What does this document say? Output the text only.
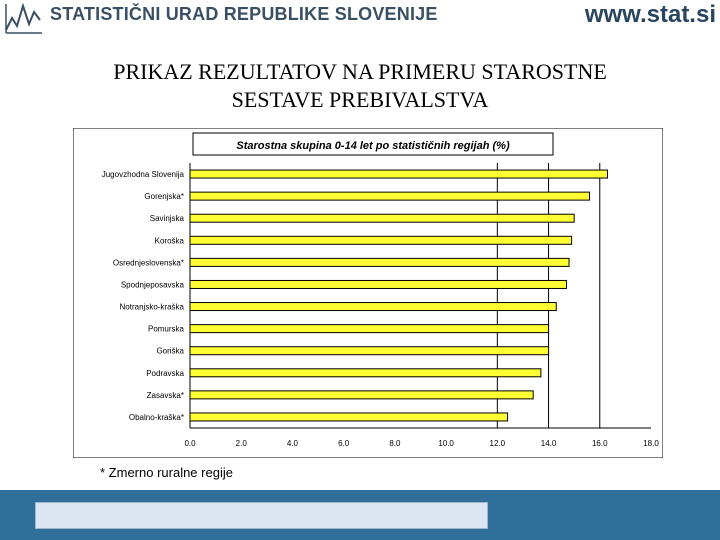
STATISTIČNI URAD REPUBLIKE SLOVENIJE	www.stat.si
PRIKAZ REZULTATOV NA PRIMERU STAROSTNE
SESTAVE PREBIVALSTVA
Starostna skupina 0-14 let po statističnih regijah (%)
Jugovzhodna Slovenija
Gorenjska*
Savinjska
Koroška
Osrednjeslovenska*
Spodnjeposavska
Notranjsko-kraška
Pomurska
Goriška
Podravska
Zasavska*
Obalno-kraška*
0.0	2.0	4.0	6.0	8.0	10.0	12.0	14.0	16.0	18.0
* Zmerno ruralne regije
